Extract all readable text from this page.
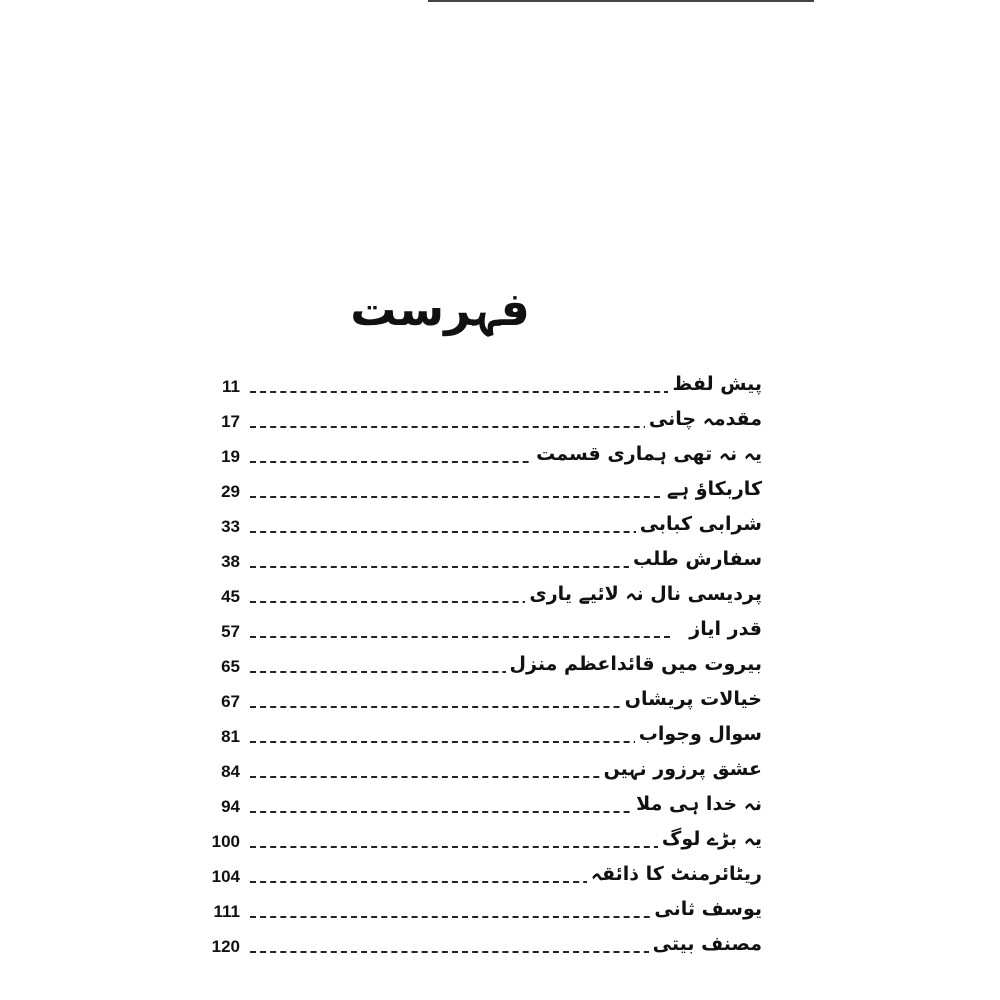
فہرست
11	پیش لفظ
17	مقدمہ چانی
19	یہ نہ تھی ہماری قسمت
29	کاربکاؤ ہے
33	شرابی کبابی
38	سفارش طلب
45	پردیسی نال نہ لائیے یاری
57	قدر ایاز
65	بیروت میں قائداعظم منزل
67	خیالات پریشاں
81	سوال وجواب
84	عشق پرزور نہیں
94	نہ خدا ہی ملا
100	یہ بڑے لوگ
104	ریٹائرمنٹ کا ذائقہ
111	یوسف ثانی
120	مصنف بیتی
